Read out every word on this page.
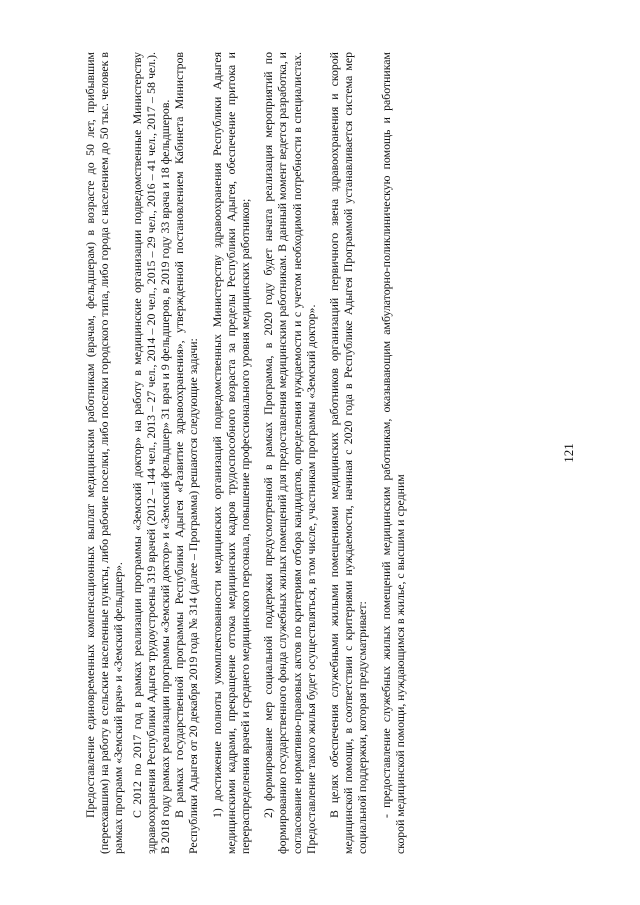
121

Предоставление единовременных компенсационных выплат медицинским работникам (врачам, фельдшерам) в возрасте до 50 лет, прибывшим (переехавшим) на работу в сельские населенные пункты, либо рабочие поселки, либо поселки городского типа, либо города с населением до 50 тыс. человек в рамках программ «Земский врач» и «Земский фельдшер». С 2012 по 2017 год в рамках реализации программы «Земский доктор» на работу в медицинские организации подведомственные Министерству здравоохранения Республики Адыгея трудоустроены 319 врачей (2012 – 144 чел., 2013 – 27 чел., 2014 – 20 чел., 2015 – 29 чел., 2016 – 41 чел., 2017 – 58 чел.). В 2018 году рамках реализации программы «Земский доктор» и «Земский фельдшер» 31 врач и 9 фельдшеров, в 2019 году 33 врача и 18 фельдшеров. В рамках государственной программы Республики Адыгея «Развитие здравоохранения», утвержденной постановлением Кабинета Министров Республики Адыгея от 20 декабря 2019 года № 314 (далее – Программа) решаются следующие задачи: 1) достижение полноты укомплектованности медицинских организаций подведомственных Министерству здравоохранения Республики Адыгея медицинскими кадрами, прекращение оттока медицинских кадров трудоспособного возраста за пределы Республики Адыгея, обеспечение притока и перераспределения врачей и среднего медицинского персонала, повышение профессионального уровня медицинских работников; 2) формирование мер социальной поддержки предусмотренной в рамках Программа, в 2020 году будет начата реализация мероприятий по формированию государственного фонда служебных жилых помещений для предоставления медицинским работникам. В данный момент ведется разработка, и согласование нормативно-правовых актов по критериям отбора кандидатов, определения нуждаемости и с учетом необходимой потребности в специалистах. Предоставление такого жилья будет осуществляться, в том числе, участникам программы «Земский доктор». В целях обеспечения служебными жилыми помещениями медицинских работников организаций первичного звена здравоохранения и скорой медицинской помощи, в соответствии с критериями нуждаемости, начиная с 2020 года в Республике Адыгея Программой устанавливается система мер социальной поддержки, которая предусматривает: - предоставление служебных жилых помещений медицинским работникам, оказывающим амбулаторно-поликлиническую помощь и работникам скорой медицинской помощи, нуждающимся в жилье, с высшим и средним
